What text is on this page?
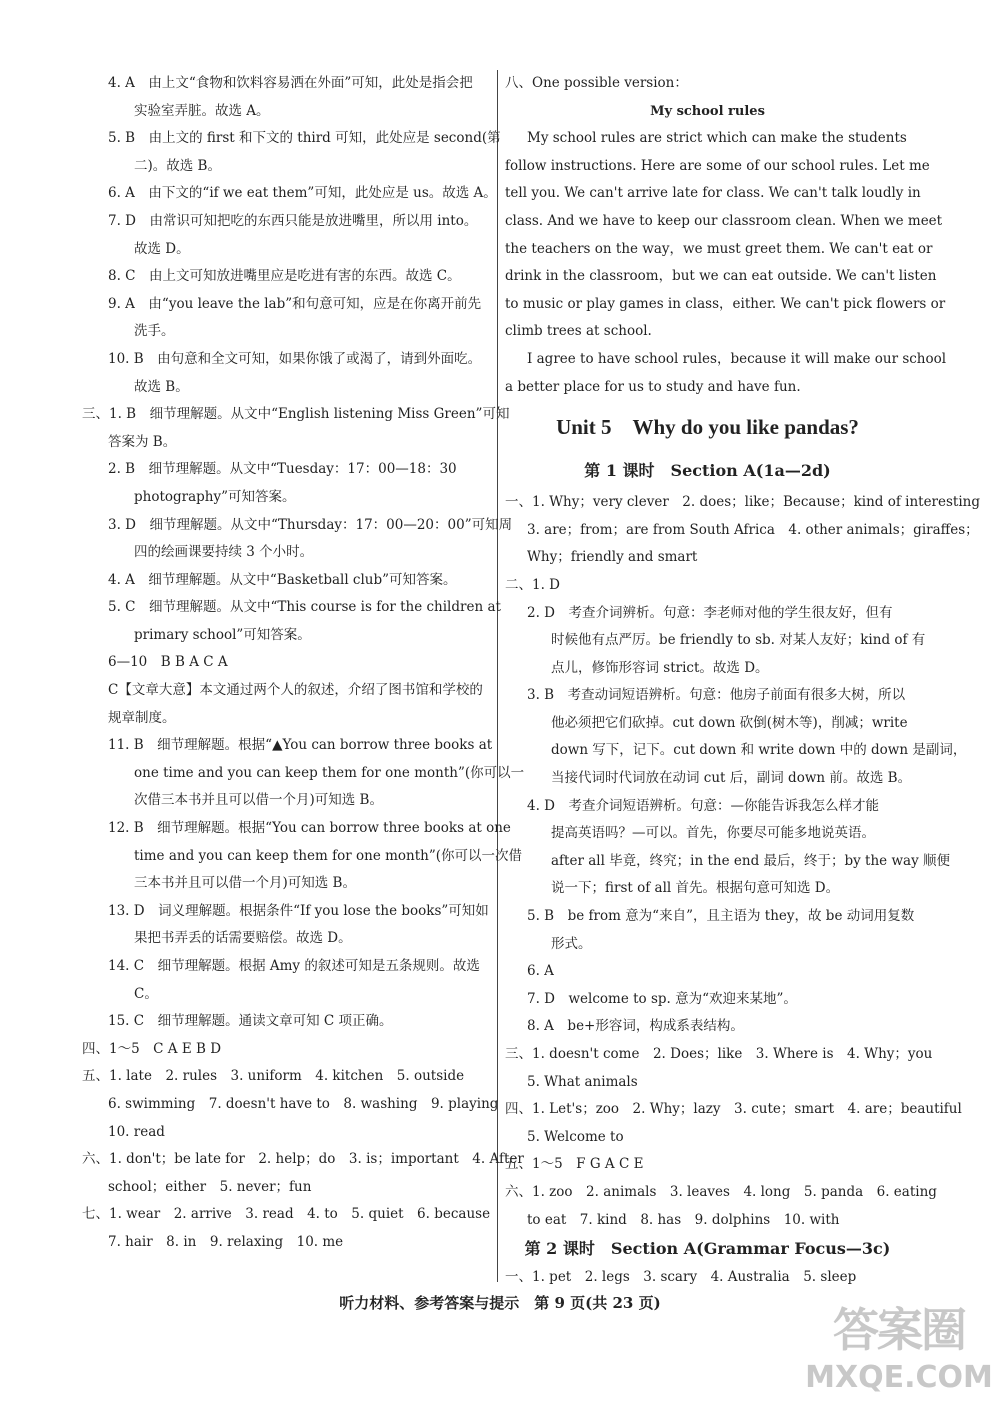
4. A　由上文“食物和饮料容易洒在外面”可知，此处是指会把
实验室弄脏。故选 A。
5. B　由上文的 first 和下文的 third 可知，此处应是 second(第
二)。故选 B。
6. A　由下文的“if we eat them”可知，此处应是 us。故选 A。
7. D　由常识可知把吃的东西只能是放进嘴里，所以用 into。
故选 D。
8. C　由上文可知放进嘴里应是吃进有害的东西。故选 C。
9. A　由“you leave the lab”和句意可知，应是在你离开前先
洗手。
10. B　由句意和全文可知，如果你饿了或渴了，请到外面吃。
故选 B。
三、1. B　细节理解题。从文中“English listening Miss Green”可知
答案为 B。
2. B　细节理解题。从文中“Tuesday：17：00—18：30
photography”可知答案。
3. D　细节理解题。从文中“Thursday：17：00—20：00”可知周
四的绘画课要持续 3 个小时。
4. A　细节理解题。从文中“Basketball club”可知答案。
5. C　细节理解题。从文中“This course is for the children at
primary school”可知答案。
6—10　B B A C A
C【文章大意】本文通过两个人的叙述，介绍了图书馆和学校的
规章制度。
11. B　细节理解题。根据“▲You can borrow three books at
one time and you can keep them for one month”(你可以一
次借三本书并且可以借一个月)可知选 B。
12. B　细节理解题。根据“You can borrow three books at one
time and you can keep them for one month”(你可以一次借
三本书并且可以借一个月)可知选 B。
13. D　词义理解题。根据条件“If you lose the books”可知如
果把书弄丢的话需要赔偿。故选 D。
14. C　细节理解题。根据 Amy 的叙述可知是五条规则。故选
C。
15. C　细节理解题。通读文章可知 C 项正确。
四、1～5　C A E B D
五、1. late　2. rules　3. uniform　4. kitchen　5. outside
6. swimming　7. doesn't have to　8. washing　9. playing
10. read
六、1. don't；be late for　2. help；do　3. is；important　4. After
school；either　5. never；fun
七、1. wear　2. arrive　3. read　4. to　5. quiet　6. because
7. hair　8. in　9. relaxing　10. me
八、One possible version：
My school rules
My school rules are strict which can make the students
follow instructions. Here are some of our school rules. Let me
tell you. We can't arrive late for class. We can't talk loudly in
class. And we have to keep our classroom clean. When we meet
the teachers on the way，we must greet them. We can't eat or
drink in the classroom，but we can eat outside. We can't listen
to music or play games in class，either. We can't pick flowers or
climb trees at school.
I agree to have school rules，because it will make our school
a better place for us to study and have fun.
Unit 5　Why do you like pandas?
第 1 课时　Section A(1a—2d)
一、1. Why；very clever　2. does；like；Because；kind of interesting
3. are；from；are from South Africa　4. other animals；giraffes；
Why；friendly and smart
二、1. D
2. D　考查介词辨析。句意：李老师对他的学生很友好，但有
时候他有点严厉。be friendly to sb. 对某人友好；kind of 有
点儿，修饰形容词 strict。故选 D。
3. B　考查动词短语辨析。句意：他房子前面有很多大树，所以
他必须把它们砍掉。cut down 砍倒(树木等)，削减；write
down 写下，记下。cut down 和 write down 中的 down 是副词，
当接代词时代词放在动词 cut 后，副词 down 前。故选 B。
4. D　考查介词短语辨析。句意：—你能告诉我怎么样才能
提高英语吗？—可以。首先，你要尽可能多地说英语。
after all 毕竟，终究；in the end 最后，终于；by the way 顺便
说一下；first of all 首先。根据句意可知选 D。
5. B　be from 意为“来自”，且主语为 they，故 be 动词用复数
形式。
6. A
7. D　welcome to sp. 意为“欢迎来某地”。
8. A　be+形容词，构成系表结构。
三、1. doesn't come　2. Does；like　3. Where is　4. Why；you
5. What animals
四、1. Let's；zoo　2. Why；lazy　3. cute；smart　4. are；beautiful
5. Welcome to
五、1～5　F G A C E
六、1. zoo　2. animals　3. leaves　4. long　5. panda　6. eating
to eat　7. kind　8. has　9. dolphins　10. with
第 2 课时　Section A(Grammar Focus—3c)
一、1. pet　2. legs　3. scary　4. Australia　5. sleep
听力材料、参考答案与提示　第 9 页(共 23 页)	答案圈
MXQE.COM
